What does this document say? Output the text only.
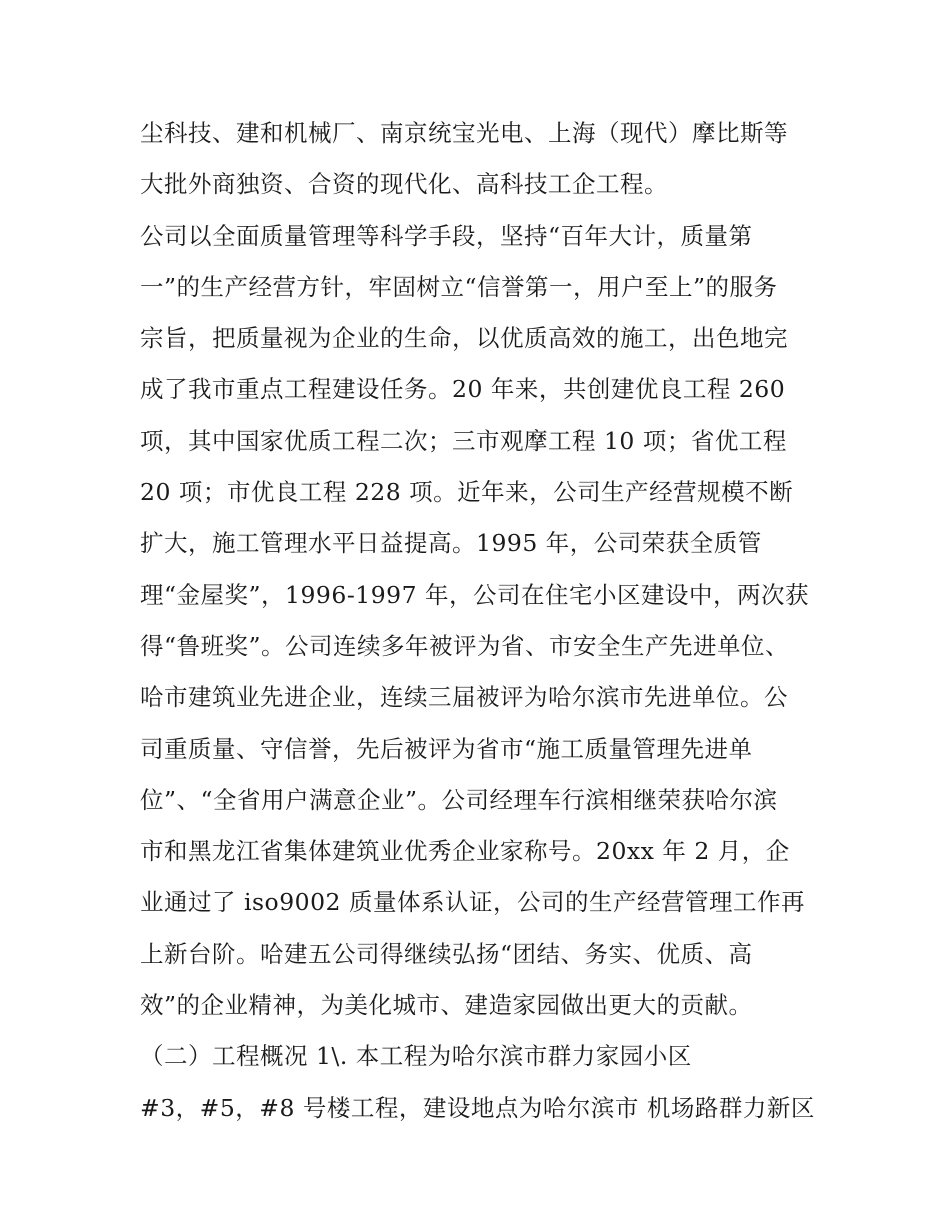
尘科技、建和机械厂、南京统宝光电、上海（现代）摩比斯等
大批外商独资、合资的现代化、高科技工企工程。
公司以全面质量管理等科学手段，坚持“百年大计，质量第
一”的生产经营方针，牢固树立“信誉第一，用户至上”的服务
宗旨，把质量视为企业的生命，以优质高效的施工，出色地完
成了我市重点工程建设任务。20 年来，共创建优良工程 260
项，其中国家优质工程二次；三市观摩工程 10 项；省优工程
20 项；市优良工程 228 项。近年来，公司生产经营规模不断
扩大，施工管理水平日益提高。1995 年，公司荣获全质管
理“金屋奖”，1996-1997 年，公司在住宅小区建设中，两次获
得“鲁班奖”。公司连续多年被评为省、市安全生产先进单位、
哈市建筑业先进企业，连续三届被评为哈尔滨市先进单位。公
司重质量、守信誉，先后被评为省市“施工质量管理先进单
位”、“全省用户满意企业”。公司经理车行滨相继荣获哈尔滨
市和黑龙江省集体建筑业优秀企业家称号。20xx 年 2 月，企
业通过了 iso9002 质量体系认证，公司的生产经营管理工作再
上新台阶。哈建五公司得继续弘扬“团结、务实、优质、高
效”的企业精神，为美化城市、建造家园做出更大的贡献。
（二）工程概况 1\. 本工程为哈尔滨市群力家园小区
#3，#5，#8 号楼工程，建设地点为哈尔滨市 机场路群力新区
